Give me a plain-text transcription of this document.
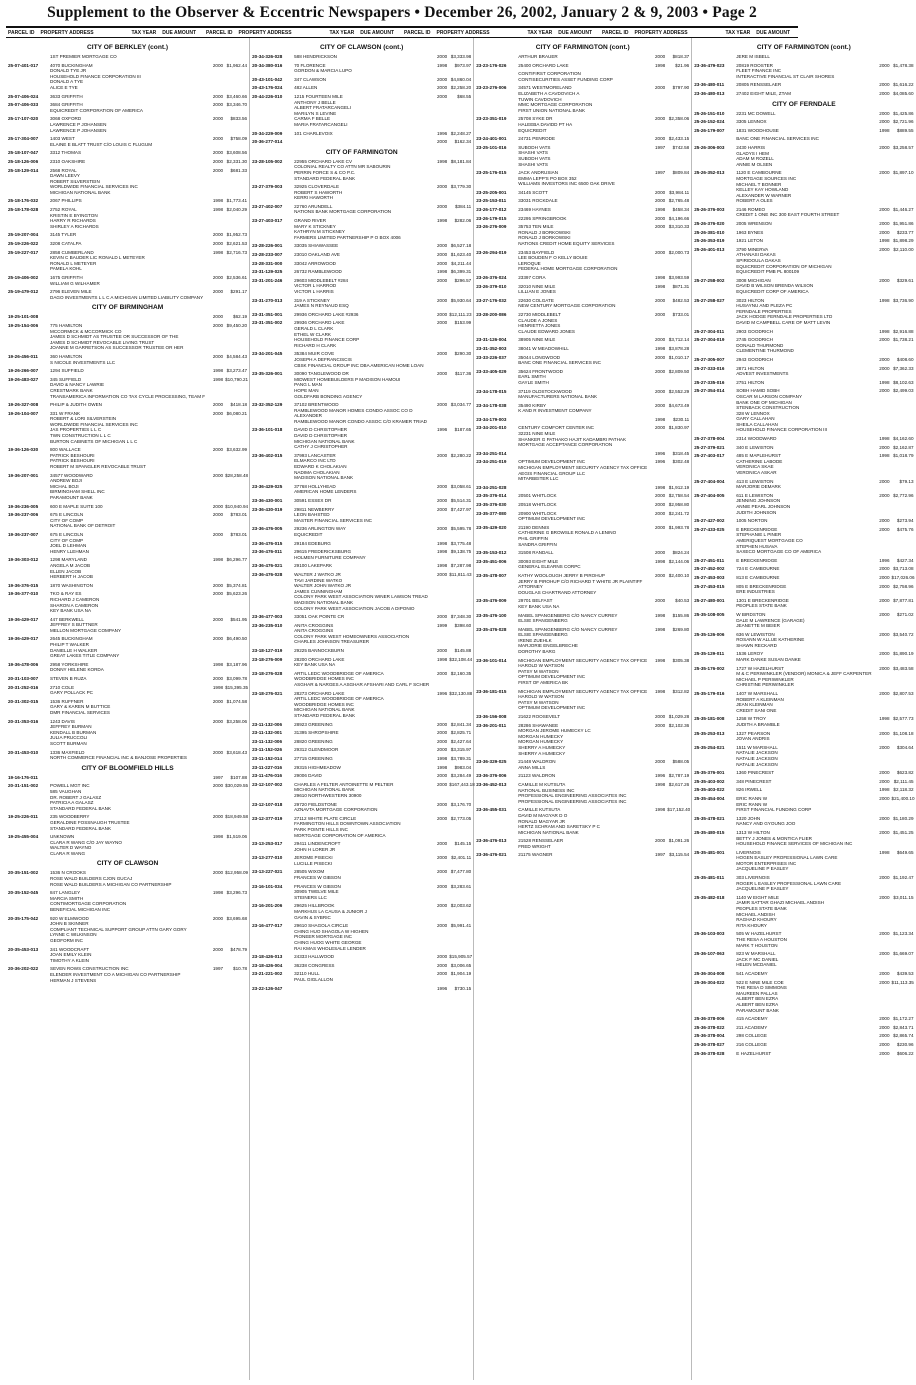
Supplement to the Observer & Eccentric Newspapers • December 26, 2002, January 2 & 9, 2003 • Page 2
PARCEL ID PROPERTY ADDRESS	TAX YEAR DUE AMOUNT PARCEL ID PROPERTY ADDRESS	TAX YEAR DUE AMOUNT PARCEL ID PROPERTY ADDRESS	TAX YEAR DUE AMOUNT PARCEL ID PROPERTY ADDRESS	TAX YEAR DUE AMOUNT
CITY OF BERKLEY (cont.)
1ST PREMIER MORTGAGE CO
25-07-401-017	4070 BUCKINGHAM
DONALD TYE JR
HOUSEHOLD FINANCE CORPORATION III
DONALD A TYE
ALICE E TYE
2000 $1,962.44
25-07-406-024	3633 GRIFFITH	2000 $3,460.66
25-07-406-033	3684 GRIFFITH
EQUICREDIT CORPORATION OF AMERICA
2000 $3,346.70
25-17-107-020	3068 OXFORD
LAWRENCE P JOHANSEN
LAWRENCE P JOHANSEN
2000	$833.56
25-17-304-007	1403 WEST
ELAINE E BLATT TRUST C/O LOUIS C FLUGUM
2000	$758.09
25-18-107-047	3312 THOMAS	2000 $3,608.56
25-18-126-006	2310 OAKSHIRE	2000 $2,331.30
25-18-129-014	2568 ROYAL
DAWN LEEVY
ROBERT SILVERSTEIN
WORLDWIDE FINANCIAL SERVICES INC
MICHIGAN NATIONAL BANK
2000	$681.33
25-18-176-032	2067 PHILLIPS	1998 $1,773.41
25-18-178-028	2752 ROYAL
KRISTIN E BYINGTON
HARRY R RICHARDS
SHIRLEY A RICHARDS
1998 $2,040.29
25-19-207-004	3145 TYLER	2000 $1,952.73
25-19-226-022	3208 CATALPA	2000 $2,621.53
25-19-227-017	2858 CUMBERLAND
KEVIN C BAUDER LIC RONALD L METEYER
RONALD L METEYER
PAMELA KOHL
1998 $2,716.73
25-19-406-002	1675 GRIFFITH
WILLIAM G WILHAMER
2000 $2,536.61
25-19-479-012	2796 ELEVEN MILE
DAGO INVESTMENTS L L C A MICHIGAN LIMITED LIABILITY COMPANY
2000	$291.17
CITY OF BIRMINGHAM
19-25-101-008	2000	$62.19
19-25-154-006	775 HAMILTON
MCCORMICK & MCCORMICK CO
JAMES D SCHMIDT AS TRUSTEE OR SUCCESSOR OF THE
JAMES D SCHMIDT REVOCABLE LIVING TRUST
JOANNE M GARRETSON AS SUCCESSOR TRUSTEE OR HER
2000 $9,450.20
19-26-456-011	360 HAMILTON
S NICOLE INVESTMENTS LLC
2000 $4,584.43
19-26-266-007	1294 SUFFIELD	1998 $3,273.47
19-26-483-027	345 SUFFIELD
DAVID & NANCY LAWRIE
CRESTMARK BANK
TRANSAMERICA INFORMATION CO TAX CYCLE PROCESSING, TEAM F
1998 $10,790.21
19-26-327-008	PHILIP & JUDITH OWEN	2000	$418.18
19-26-104-007	331 W FRANK
ROBERT & LORI SILVERSTEIN
WORLDWIDE FINANCIAL SERVICES INC
JAS PROPERTIES L L C
TWN CONSTRUCTION L L C
BURTON CABINETS OF MICHIGAN L L C
2000 $6,080.21
19-36-126-030	800 WALLACE
PATRICK BESHOURI
PATRICK BESHOURI
ROBERT M SPANGLER REVOCABLE TRUST
2000 $3,632.99
19-36-207-001	34577 WOODWARD
ANDREW BOJI
MICHAL BOJI
BIRMINGHAM SHELL INC
PARAMOUNT BANK
2000 $28,258.48
19-36-236-005	600 E MAPLE SUITE 100	2000 $10,940.94
19-36-237-006	675 E LINCOLN
CITY OF COMP
NATIONAL BANK OF DETROIT
2000	$783.01
19-36-237-007	675 E LINCOLN
CITY OF COMP
JOEL D LEHMAN
HENRY LLEHMAN
2000	$783.01
19-36-303-012	1298 MARYLAND
ANGELA M JACOB
ELLEN JACOB
HERBERT H JACOB
1998 $6,296.77
19-36-376-015	1870 WASHINGTON	2000 $5,374.81
19-36-377-010	TKO & RAY ES
RICHARD J CAMERON
SHARON A CAMERON
KEY BANK USA NA
2000 $5,623.26
19-36-429-017	447 BERKWELL
JEFFREY S BUTTNER
MELLON MORTGAGE COMPANY
2000	$541.95
19-36-429-017	2645 BUCKINGHAM
PHILIP T WALKER
DANIELLE H WALKER
GREAT LAKES TITLE COMPANY
2000 $6,490.50
19-36-478-006	2958 YORKSHIRE
DONNY HELENE KORDA
1998 $3,187.96
20-31-103-007	STEVEN B RUZA	2000 $3,099.78
20-31-252-016	2710 COLE
GARY POLLACK PC
1998 $15,395.35
20-31-302-015	1536 RUFFNER
GARY & KAREN M BUTTICE
DMR FINANCIAL SERVICES
2000 $1,074.58
20-31-353-016	1243 DAVIS
JEFFREY BURMAN
KENDALL B BURMAN
JULIA PRUCCOLI
SCOTT BURMAN
2000 $3,258.06
20-31-453-010	1336 MAXFIELD
NORTH COMMERCE FINANCIAL INC & BANJOSE PROPERTIES
2000 $3,618.43
CITY OF BLOOMFIELD HILLS
19-16-176-011	1997	$107.88
20-31-151-002	POWELL MGT INC
585 VAUGHAN
DR. ROBERT J GALASZ
PATRICIA A GALASZ
STANDARD FEDERAL BANK
2000 $30,029.55
19-25-226-011	235 WOODBERRY
GERALDINE FOSSNAUGH TRUSTEE
STANDARD FEDERAL BANK
2000 $18,949.58
19-25-455-004	UNKNOWN
CLARA R WANG C/O JAY WAYNO
WALTER D WAYNO
CLARA R WANG
1998 $1,519.06
CITY OF CLAWSON
20-35-151-002	1536 N CROOKS
ROSE WALD BUILDERS CJON GUCAJ
ROSE WALD BUILDERS A MICHIGAN CO PARTNERSHIP
2000 $12,958.09
20-35-152-045	847 LANGLEY
MARCIA SMITH
CONTIMORTGAGE CORPORATION
BENEFICIAL MICHIGAN INC
1998 $3,296.73
20-35-175-042	920 W ELMWOOD
JOHN B SKINNER
COMPLIANT TECHNICAL SUPPORT GROUP ATTN GARY GORY
LYNNE C WILKINSON
GEOFORM INC
2000 $3,695.68
20-35-453-013	341 WOODCRAFT
JOAN EMILY KLEIN
TIMOTHY A KLEIN
2000	$478.79
20-36-202-022	SEVEN ROWS CONSTRUCTION INC
ELENDER INVESTMENT CO A MICHIGAN CO PARTNERSHIP
HERMAN J STEVENS
1997	$10.78
CITY OF CLAWSON (cont.)
20-34-326-028	588 HENDRICKSON	2000 $3,333.98
20-34-380-016	70 FLORENCE
GORDON & MARCIA LUPO
1998	$973.97
20-43-101-042	347 CLAWSON	2000 $4,860.04
20-43-176-024	482 ALLEN	2000 $2,258.20
20-44-226-010	1215 FOURTEEN MILE
ANTHONY J BELLE
ALBERT FRATARCANGELI
MARILYN S LEVINE
CARMA F BELLE
MARIA FRATARCANGELI
2000	$68.55
20-34-229-009	101 CHARLEVOIX	1996 $2,248.27
20-36-277-014	2000	$162.34
CITY OF FARMINGTON
23-28-105-002	22955 ORCHARD LAKE CV
COLONIAL REALTY CO ATTN MR SABOURIN
PERRIN FORCE S & CO P.C.
STANDARD FEDERAL BANK
1998 $8,181.84
23-27-379-003	32925 CLOVERDALE
ROBERT S HAWORTH
KERRI HAWORTH
2000 $3,779.30
23-27-402-007	22760 ARUNDELL
NATIONS BANK MORTGAGE CORPORATION
2000	$384.11
23-27-403-017	GRAND RIVER
MARY K STICKNEY
KATHRYN M STICKNEY
FARMERS LIMITED PARTNERSHIP P O BOX 4006
1998	$282.06
23-28-226-001	33035 SHIAWASSEE	2000 $6,527.18
23-28-233-007	23010 OAKLAND AVE	2000 $1,623.40
23-28-331-000	33042 ARROWOOD	2000 $4,211.44
23-31-129-025	26732 RAMBLEWOOD	1998 $6,399.31
23-31-201-246	29603 MIDDLEBELT #284
VICTOR L HARROD
VICTOR L HARRIS
2000	$296.57
23-31-270-013	319 A STICKNEY
JAMES N REYNAUD ESQ
2000 $5,930.64
23-31-351-001	29936 ORCHARD LAKE #2936	2000 $12,111.23
23-31-351-002	29936 ORCHARD LAKE
GERALD L CLARK
ETHEL W CLARK
HOUSEHOLD FINANCE CORP
RICHARD H CLARK
2000	$153.99
23-34-201-045	35384 MUIR COVE
JOSEPH A DEFRANCISCIS
CBSK FINANCIAL GROUP INC DBA AMERICAN HOME LOAN
2000	$290.30
23-35-326-001	30090 TANGLEWOOD DR
MIDWEST HOMEBUILDERS P MADISON HAMOUI
PANG L MAN
HOPE MAN
GOLDFARB BONDING AGENCY
2000	$117.36
23-32-352-129	37102 BRENTWOOD
RAMBLEWOOD MANOR HOMES CONDO ASSOC CO D
ALEXANDER
RAMBLEWOOD MANOR CONDO ASSOC C/O KRAMER TRIAD
2000 $3,034.77
23-36-101-018	DAVID D CHRISTOPHER
DAVID D CHRISTOPHER
MICHIGAN NATIONAL BANK
CATHY J CHRISTOPHER
1996	$187.65
23-36-402-015	37993 LANCASTER
ELMARCO INC LTD
EDWARD K CHOLAKIAN
NADIMA CHOLAKIAN
MADISON NATIONAL BANK
2000 $2,280.22
23-36-429-025	37768 HOLLYHEAD
AMERICAN HOME LENDERS
2000 $3,058.61
23-36-430-001	30591 ESSEX DR	2000 $5,514.31
23-36-430-019	29811 NEWBERRY
LEON BAHSTED
MASTER FINANCIAL SERVICES INC
2000 $7,427.97
23-36-476-005	29236 ARLINGTON WAY
EQUICREDIT
2000 $5,595.78
23-36-476-015	29184 EDEBURG	1998 $3,775.48
23-36-476-011	29615 FREDERICKSBURG
HOLMEN FURNITURE COMPANY
1998 $9,138.75
23-36-476-021	29100 LAKEPARK	1998 $7,287.98
23-36-476-028	WALTER J WATKO JR
TAVI JARDINE WATKO
WALTER JOHN WATKO JR
JAMES CUNNINGHAM
COLONY PARK WEST ASSOCIATION WINER LAWSON TREAD
MADISON NATIONAL BANK
COLONY PARK WEST ASSOCIATION JACOB A DIPONIO
2000 $11,811.43
23-36-477-003	33051 OAK POINTE CR	2000 $7,348.30
23-36-235-010	ANITA CROGGINS
ANITA CROGGINS
COLONY PARK WEST HOMEOWNERS ASSOCIATION
CHARLES JOHNSON TREASURER
1999	$398.60
23-18-127-019	29225 BANNOCKBURN	2000	$145.88
23-18-276-009	28200 ORCHARD LAKE
KEY BANK USA NA
1998 $32,108.44
23-18-276-028	ARTIL LEDC WOODBRIDGE OF AMERICA
WOODBRIDGE HOMES INC
ASGHAR & NARGES A ASGHAR AFSHARI AND CARL F SCHER
2000 $2,160.35
23-18-276-021	28273 ORCHARD LAKE
ARTIL LEDC WOODBRIDGE OF AMERICA
WOODBRIDGE HOMES INC
MICHIGAN NATIONAL BANK
STANDARD FEDERAL BANK
1996 $32,130.88
23-11-132-006	28923 GREENING	2000 $2,841.34
23-11-132-001	31395 SHROPSHIRE	2000 $2,825.71
23-11-132-006	28820 GREENING	2000 $2,427.64
23-11-152-026	29312 GLENDMOOR	2000 $3,315.97
23-11-152-014	27715 GREENING	1998 $3,789.31
23-11-227-016	29315 HIGHMEADOW	1998	$983.04
23-11-476-016	29006 DAVID	2000 $3,284.49
23-12-107-002	CHARLES A FELTER ANTOINETTE M PELTIER
MICHIGAN NATIONAL BANK
29610 NORTHWESTERN 30900
2000 $167,443.18
23-12-107-018	29720 FIELDSTONE
AZNAVTA MORTGAGE CORPORATION
2000 $3,176.70
23-12-377-019	27112 WHITE PLATE CIRCLE
FARMINGTON HILLS DOWNTOWN ASSOCIATION
PARK POINTE HILLS INC
MORTGAGE CORPORATION OF AMERICA
2000 $2,773.05
23-13-253-017	29411 LINDENCROFT
JOHN H LORER JR
2000	$145.15
23-13-277-010	JEROME PISECKI
LUCILLE PISECKI
2000 $2,401.11
23-13-227-021	28505 WIXOM
FRANCES W GIBSON
2000 $7,477.80
23-16-101-034	FRANCES W GIBSON
30905 TWELVE MILE
STEINERS LLC
2000 $3,283.61
23-16-201-206	29625 HILLBROOK
MARKHUS LA CAUSA & JUNIOR J
GAVIN & SYBRIC
2000 $2,003.62
23-16-477-017	29610 SHAGOLA CIRCLE
CHING HUO SHAGOLA W HIGHEN
PIONEER MORTGAGE INC
CHING HUOG WHITE GEORGE
RAI KMAS WHOLESALE LENDER
2000 $5,991.41
23-18-426-013	24333 HALLWOOD	2000 $15,905.57
23-18-426-004	36238 CONGRESS	2000 $3,006.65
23-21-221-002	32110 HULL
PAUL GIGLALLON
2000 $1,904.19
23-22-126-047	1996	$730.15
CITY OF FARMINGTON (cont.)
ARTHUR BRAUER	2000	$818.37
23-23-176-026	25400 ORCHARD LAKE	1998	$21.96
CONTIFIRST CORPORATION
CONTISECURITIES ASSET FUNDING CORP
23-23-276-006	34571 WESTMORELAND
ELIZABETH A CAVDOVICH A
TUWIN CAVDOVICH
MMC MORTGAGE CORPORATION
FIRST UNION NATIONAL BANK
2000	$797.90
23-23-351-019	25708 SYKE DR
HALEEBA DAVIDD PT HA
EQUICREDIT
2000 $2,358.06
23-24-401-001	24731 PENRODE	2000 $2,433.15
23-25-101-016	SUBODH VATS
SHASHI VATS
SUBODH VATS
SHASHI VATS
1997	$742.58
23-25-176-015	JACK ANDRUSIAN
EMMA LEPP'S PO BOX 352
WILLIAMS INVESTORS INC 6500 OAK DRIVE
1997	$809.84
23-25-205-001	34145 SCOTT	2000 $3,984.11
23-25-153-011	33031 ROCKDALE	2000 $2,765.48
23-26-177-012	23469 HAYNES	1998	$458.34
23-26-179-015	22295 SPRINGBROOK	2000 $4,196.66
23-26-276-009	35753 TEN MILE
RONALD J BORKOWSKI
RONALD J BORKOWSKI
NATIONS CREDIT HOME EQUITY SERVICES
2000 $3,310.33
23-26-294-019	23453 BAYFIELD
LEE BOUDEN F O KELLY BOUIE
LEROQUE
FEDERAL HOME MORTGAGE CORPORATION
2000 $2,000.73
23-26-376-024	23397 CORA	1998 $3,993.59
23-26-379-010	32010 NINE MILE
LILLIAN E JONES
1998	$871.31
23-27-176-032	22630 COLGATE
NEW CENTURY MORTGAGE CORPORATION
2000	$482.53
23-28-200-086	22730 MIDDLEBELT
CLAUDE A JONES
HENRIETTA JONES
CLAUDE EDWARD JONES
2000	$733.01
23-31-126-004	38905 NINE MILE	2000 $3,712.14
23-31-352-003	38041 W MEADOWHILL	1998 $3,878.28
23-33-226-037	35044 LONGWOOD
BANC ONE FINANCIAL SERVICES INC
2000 $1,010.17
23-33-405-029	35624 FRONTWOOD
EARL SMITH
GAYLE SMITH
2000 $2,809.50
23-34-178-015	37119 OLDSTOCKWOOD
MANUFACTURERS NATIONAL BANK
2000 $2,552.29
23-34-178-038	35490 KIRBY
K AND R INVESTMENT COMPANY
2000 $4,673.49
23-34-179-003	1998	$230.11
23-34-201-010	CENTURY COMFORT CENTER INC
32231 NINE MILE
SHANKER G PATHAKO HAJIT KADAMBRI PATHAK
MORTGAGE ACCEPTANCE CORPORATION
2000 $1,830.97
23-34-251-014	1996	$318.45
23-34-251-019	OPTIMUM DEVELOPMENT INC
MICHIGAN EMPLOYMENT SECURITY AGENCY TAX OFFICE
AEGIS FINANCIAL GROUP LLC
MITARBEITER LLC
1996	$302.48
23-34-251-028	1998 $1,912.19
23-35-376-014	20501 WHITLOCK	2000 $2,758.54
23-35-376-030	20518 WHITLOCK	2000 $2,958.80
23-35-377-080	20900 WHITLOCK
OPTIMUM DEVELOPMENT INC
2000 $2,241.72
23-35-429-020	21190 DENNIS
CATHERINE G BROWSLE RONALD A LENINO
PHIL GRIFFIN
SANDRA GRIFFIN
2000 $1,993.78
23-35-153-012	31508 RANDALL	2000	$824.24
23-35-451-006	30093 EIGHT MILE
GENERAL ELEARNS CORPC
1998 $2,144.06
23-35-478-007	KATHY WOOLOUGH JERRY B PIROHUP
JERRY B PIROHUP C/O RICHARD T WHITE JR PLAINTIFF
ATTORNEY
DOUGLAS CHARTRAND ATTORNEY
2000 $2,400.10
23-35-476-009	29701 BELFAST
KEY BANK USA NA
2000	$40.53
23-35-476-100	MABEL SPANGENBERG C/O NANCY CURREY
ELSIE SPANGENBERG
1998	$155.86
23-35-476-028	MABEL SPANGENBERG C/O NANCY CURREY
ELSIE SPANGENBERG
IRENE ZUEHLK
MARJORIE ENGELBRECHE
DOROTHY BARG
1998	$269.80
23-36-101-014	MICHIGAN EMPLOYMENT SECURITY AGENCY TAX OFFICE
HAROLD W WATSON
PATSY M WATSON
OPTIMUM DEVELOPMENT INC
FIRST OF AMERICA BK
1998	$305.38
23-36-181-015	MICHIGAN EMPLOYMENT SECURITY AGENCY TAX OFFICE
HAROLD W WATSON
PATSY M WATSON
OPTIMUM DEVELOPMENT INC
1998	$312.82
23-36-156-008	21622 ROOSEVELT	2000 $1,029.28
23-36-201-011	28286 SHAWANEE
MORGAN JEROME HUMECKY LC
MORGAN HUMECKY
MORGAN HUMECKY
SHERRY A HUMECKY
SHERRY A HUMECKY
2000 $2,102.36
23-36-329-025	21448 WALDRON
ANNA MILLS
2000	$588.05
23-36-376-006	21123 WALDRON	1996 $2,787.19
23-36-452-013	CAMILLE M KUTSUTA
NATIONAL BUSINESS INC
PROFESSIONAL ENGINEERING ASSOCIATES INC
PROFESSIONAL ENGINEERING ASSOCIATES INC
1998 $2,617.26
23-36-455-031	CAMILLE KUTSUTA
DAVID M MAGYAR D O
RONALD MAGYAR JR
HERTZ SCHRAM AND SARETSKY P C
MICHIGAN NATIONAL BANK
1998 $17,152.40
23-36-476-013	21528 RENSSELAER
FRED WRIGHT
2000 $1,091.26
23-36-476-021	21175 WAGNER	1997 $3,115.54
CITY OF FARMINGTON (cont.)
JERE M ISBELL
23-36-479-023	20819 ROOSTER
FLEET FINANCE INC
INTERACTIVE FINANCIAL ST CLAIR SHORES
2000 $1,478.38
23-36-480-011	20805 RENSSELAER	2000 $1,616.22
23-36-480-013	27402 EIGHT MILE, ZTAM	2000 $4,085.60
CITY OF FERNDALE
25-26-151-010	2231 MC DOWELL	2000 $1,425.86
25-26-152-024	3305 LENNOX	2000 $2,721.96
25-26-179-007	1831 WOODHOUSE	1998	$889.55
BANC ONE FINANCIAL SERVICES INC
25-26-306-003	2430 HARRIS
GLADYS I HEM
ADAM M ROZELL
ANNIE M OLSEN
2000 $3,258.57
25-26-352-013	1120 E CAMBOURNE
MORTGAGE SOURCES INC
MICHAEL T BONNER
KELLEY KAY HOWLAND
ALEXANDER W WARNER
ROBERT A OLES
2000 $1,897.10
25-26-376-003	2146 ROMEO
CREDIT 1 ONE INC 300 EAST FOURTH STREET
2000 $1,446.27
25-26-376-020	2005 WRENSON	2000 $1,951.86
25-26-381-010	1963 BYNES	2000	$233.77
25-26-353-019	1921 LETON	1998 $1,898.29
25-26-401-013	3790 MINERVA
ATHANASI DAKAS
SPIRIDOULA DAKAS
EQUICREDIT CORPORATION OF MICHIGAN
EQUICREDIT PMB PL 800109
2000 $2,110.00
25-27-258-002	3008 MICHIGAN
DAVID B WILSON BRENDA WILSON
EQUICREDIT CORP OF AMERICA
2000	$329.61
25-27-258-027	3023 HILTON
HUSAYNU AND PLEZA PC
FERNDALE PROPERTIES
JACK HODGE FERNDALE PROPERTIES LTD
DAVID M CAMPBELL CARE OF MATT LEVIN
1998 $3,736.90
25-27-304-011	2903 GOODRICH	1998 $2,916.88
25-27-304-019	2745 GOODRICH
DONALD THURMOND
CLEMENTINE THURMOND
2000 $1,738.21
25-27-305-007	2943 GOODRICH	2000	$408.60
25-27-333-016	2871 HILTON
ADVEST INVESTMENTS
2000 $7,362.33
25-27-335-016	2751 HILTON	1998 $8,102.63
25-27-354-014	SOBH HAMID SOBH
OSCAR M LARSON COMPANY
BANK ONE OF MICHIGAN
STENBACK CONSTRUCTION
328 W LENNOX
GARY CALLAHAN
SHEILA CALLAHAN
HOUSEHOLD FINANCE CORPORATION III
2000 $2,499.03
25-27-378-004	2314 WOODWARD	1998 $4,162.60
25-27-379-021	340 E LEWISTON	2000 $2,162.87
25-27-403-017	485 E MAPLEHURST
CATHERINE LABODE
VERONICA SKAE
VERONICA ASKAR
1998 $1,018.79
25-27-404-004	413 E LEWISTON
MARJORIE DEMARK
2000	$79.13
25-27-404-005	611 E LEWISTON
JENNING JOHNSON
ANNIE PEARL JOHNSON
JUDITH JOHNSON
2000 $2,772.96
25-27-427-002	1005 NORTON	2000	$273.94
25-27-433-025	E BRECKENRIDGE
STEPHANIE L PINER
AMERIQUEST MORTGAGE CO
STEPHEN HUSAVA
SAXECO MORTGAGE CO OF AMERICA
2000	$475.76
25-27-451-011	E BRECKENRIDGE	1996	$427.34
25-27-452-002	724 E CAMBOURNE	2000 $3,713.08
25-27-453-003	813 E CAMBOURNE	2000 $17,026.06
25-27-453-015	805 E BRECKENRIDGE
ERE INDUSTRIES
2000 $2,758.96
25-27-480-001	1301 E BRECKENRIDGE
PEOPLES STATE BANK
2000 $7,877.81
25-35-108-005	W BIRDSTON
DALE M LAWRENCE (GARAGE)
JEANETTE M BEIER
2000	$271.02
25-35-126-006	636 W LEWISTON
ROSANN W ALLUE KATHERINE
SHAWN RECKARD
2000 $3,540.72
25-35-129-011	1536 LEROY
MARK DANKE SUSAN DANKE
2000 $1,890.19
25-35-176-002	1727 W HAZELHURST
M & C PERIWINKLER (VENDOR) MONICA & JEFF CARPENTER
MICHAEL P PERIWINKLER
CHRISTINE PERIWINKLER
2000 $3,483.58
25-35-179-016	1407 W MARSHALL
ROBERT A KLEINMAN
JEAN KLEINMAN
CREDIT SANI ONE
2000 $2,807.53
25-35-181-008	1258 W TROY
JUDITH A BRAMBLE
1998 $2,577.73
25-35-253-013	1327 PEARSON
JOVAN ANDRIS
2000 $1,108.18
25-35-254-021	1511 W MARSHALL
NATALIE JACKSON
NATALIE JACKSON
NATALIE JACKSON
2000	$304.64
25-35-376-001	1360 PINECREST	2000	$623.82
25-35-403-002	348 PINECREST	2000 $2,111.45
25-35-403-022	826 IRWELL	1998 $2,118.32
25-35-454-004	ERIC RANN W
ERIC RANN W
FIRST FINANCIAL FUNDING CORP
2000 $21,400.10
25-35-478-021	1320 JOHN
NANCY AND GYOUNG JOO
2000 $1,180.29
25-35-480-015	1313 W HILTON
BETTY J JONES & MONTICA FLIER
HOUSEHOLD FINANCE SERVICES OF MICHIGAN INC
2000 $1,451.25
25-35-481-001	LIVERNOIS
HOGEN EASLEY PROFESSIONAL LAWN CARE
MOTOR ENTERPRISES INC
JACQUELINE P EASLEY
1998	$649.65
25-35-481-011	303 LIVERNOIS
ROGER L EASLEY PROFESSIONAL LAWN CARE
JACQUELINE P EASLEY
2000 $1,192.47
25-35-482-018	1140 W EIGHT MILE
JAMIR SATTAR GHAZI MICHAEL ANDISH
PEOPLES STATE BANK
MICHAEL ANDISH
RAGHAD KHOURY
RITA KHOURY
2000 $3,011.15
25-36-103-003	505 W HAZELHURST
THE RESA A HOUSTON
MARK T HOUSTON
2000 $1,123.34
25-36-107-063	823 W MARSHALL
JACK F MC DANIEL
HELEN MCDANIEL
2000 $1,669.07
25-36-304-008	541 ACADEMY	2000	$439.53
25-36-304-022	522 E NINE MILE COE
THE RESA D SIMMONS
MAUREEN PALLAS
ALBERT BEN EZRA
ALBERT BEN EZRA
PARAMOUNT BANK
2000 $11,113.35
25-36-378-006	415 ACADEMY	2000 $1,172.27
25-36-378-022	211 ACADEMY	2000 $2,843.71
25-36-378-004	298 COLLEGE	2000 $2,865.74
25-36-378-027	216 COLLEGE	2000	$230.96
25-36-378-028	E HAZELHURST	2000	$606.22
